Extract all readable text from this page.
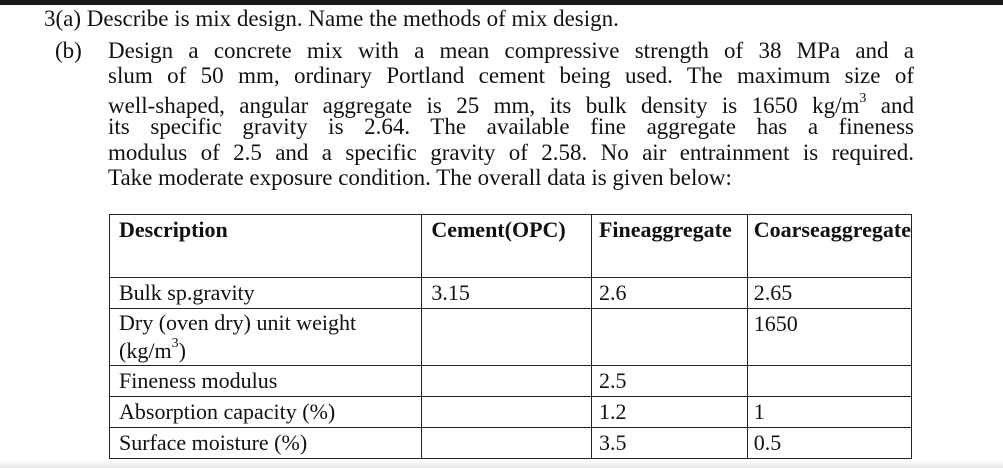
3(a) Describe is mix design. Name the methods of mix design.
(b) Design a concrete mix with a mean compressive strength of 38 MPa and a
slum of 50 mm, ordinary Portland cement being used. The maximum size of
well-shaped, angular aggregate is 25 mm, its bulk density is 1650 $kg/m^3$ and
its specific gravity is 2.64. The available fine aggregate has a fineness
modulus of 2.5 and a specific gravity of 2.58. No air entrainment is required.
Take moderate exposure condition. The overall data is given below:
Description	Cement(OPC)	Fineaggregate	Coarseaggregate
Bulk sp.gravity	3.15	2.6	2.65

Dry (oven dry) unit weight
$(kg/m^3)$			1650
Fineness modulus		2.5	
Absorption capacity (%)		1.2	1
Surface moisture (%)		3.5	0.5
